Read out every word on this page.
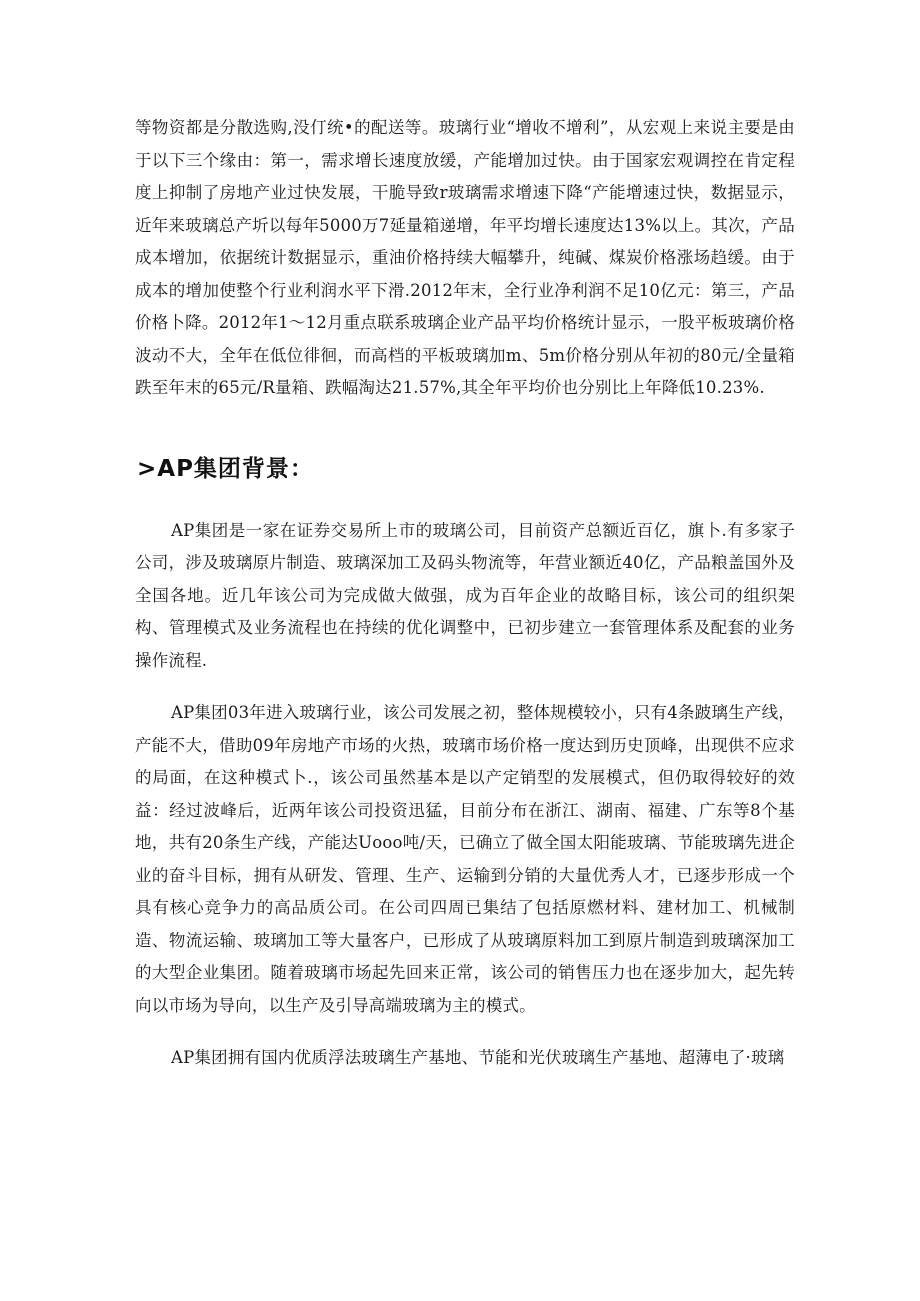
等物资都是分散选购,没仃统•的配送等。玻璃行业“增收不增利”，从宏观上来说主要是由于以下三个缘由：第一，需求增长速度放缓，产能增加过快。由于国家宏观调控在肯定程度上抑制了房地产业过快发展，干脆导致r玻璃需求增速下降“产能增速过快，数据显示，近年来玻璃总产圻以每年5000万7延量箱递增，年平均增长速度达13%以上。其次，产品成本增加，依据统计数据显示，重油价格持续大幅攀升，纯碱、煤炭价格涨场趋缓。由于成本的增加使整个行业利润水平下滑.2012年末，全行业净利润不足10亿元：第三，产品价格卜降。2012年1〜12月重点联系玻璃企业产品平均价格统计显示，一股平板玻璃价格波动不大，全年在低位徘徊，而高档的平板玻璃加m、5m价格分别从年初的80元/全量箱跌至年末的65元/R量箱、跌幅淘达21.57%,其全年平均价也分别比上年降低10.23%.

>AP集团背景：

AP集团是一家在证券交易所上市的玻璃公司，目前资产总额近百亿，旗卜.有多家子公司，涉及玻璃原片制造、玻璃深加工及码头物流等，年营业额近40亿，产品粮盖国外及全国各地。近几年该公司为完成做大做强，成为百年企业的故略目标，该公司的组织架构、管理模式及业务流程也在持续的优化调整中，已初步建立一套管理体系及配套的业务操作流程.

AP集团03年进入玻璃行业，该公司发展之初，整体规模较小，只有4条跛璃生产线，产能不大，借助09年房地产市场的火热，玻璃市场价格一度达到历史顶峰，出现供不应求的局面，在这种模式卜.，该公司虽然基本是以产定销型的发展模式，但仍取得较好的效益：经过波峰后，近两年该公司投资迅猛，目前分布在浙江、湖南、福建、广东等8个基地，共有20条生产线，产能达Uooo吨/天，已确立了做全国太阳能玻璃、节能玻璃先进企业的奋斗目标，拥有从研发、管理、生产、运输到分销的大量优秀人才，已逐步形成一个具有核心竞争力的高品质公司。在公司四周已集结了包括原燃材料、建材加工、机械制造、物流运输、玻璃加工等大量客户，已形成了从玻璃原料加工到原片制造到玻璃深加工的大型企业集团。随着玻璃市场起先回来正常，该公司的销售压力也在逐步加大，起先转向以市场为导向，以生产及引导高端玻璃为主的模式。

AP集团拥有国内优质浮法玻璃生产基地、节能和光伏玻璃生产基地、超薄电了·玻璃
